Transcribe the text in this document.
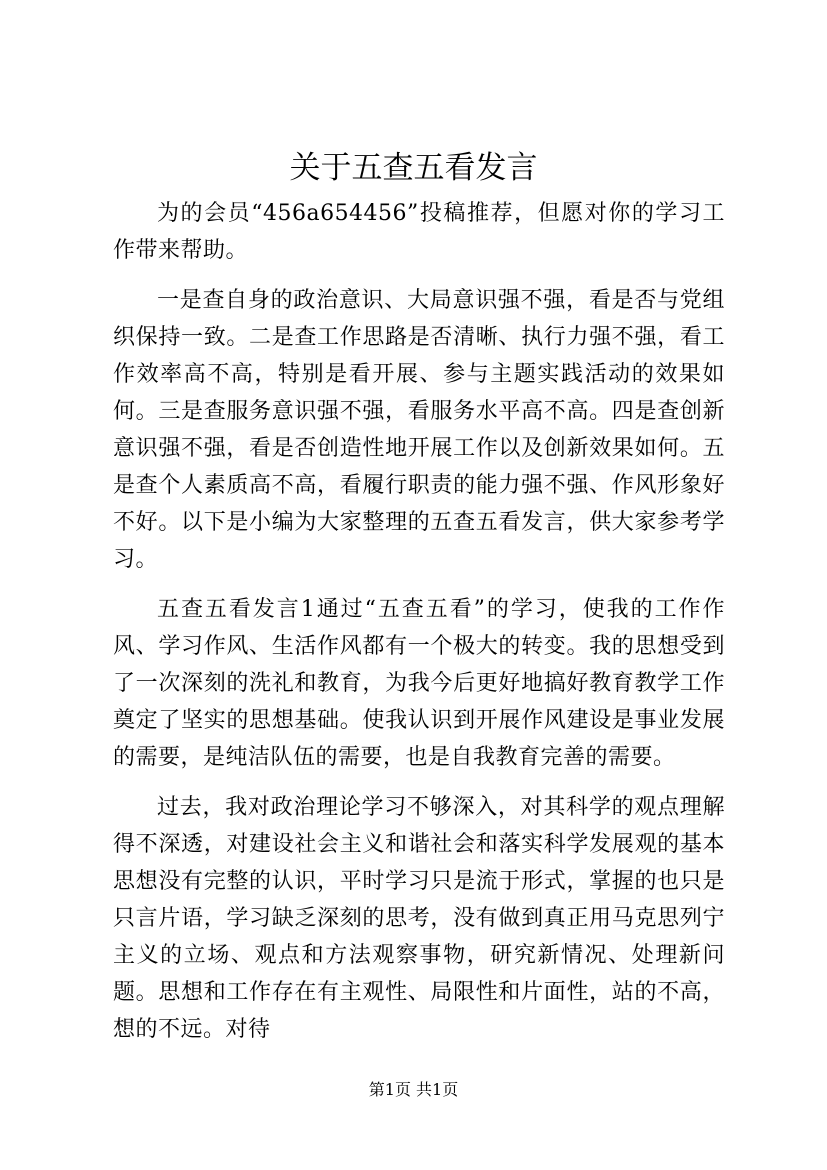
关于五查五看发言

为的会员“456a654456”投稿推荐，但愿对你的学习工作带来帮助。

一是查自身的政治意识、大局意识强不强，看是否与党组织保持一致。二是查工作思路是否清晰、执行力强不强，看工作效率高不高，特别是看开展、参与主题实践活动的效果如何。三是查服务意识强不强，看服务水平高不高。四是查创新意识强不强，看是否创造性地开展工作以及创新效果如何。五是查个人素质高不高，看履行职责的能力强不强、作风形象好不好。以下是小编为大家整理的五查五看发言，供大家参考学习。

五查五看发言1通过“五查五看”的学习，使我的工作作风、学习作风、生活作风都有一个极大的转变。我的思想受到了一次深刻的洗礼和教育，为我今后更好地搞好教育教学工作奠定了坚实的思想基础。使我认识到开展作风建设是事业发展的需要，是纯洁队伍的需要，也是自我教育完善的需要。

过去，我对政治理论学习不够深入，对其科学的观点理解得不深透，对建设社会主义和谐社会和落实科学发展观的基本思想没有完整的认识，平时学习只是流于形式，掌握的也只是只言片语，学习缺乏深刻的思考，没有做到真正用马克思列宁主义的立场、观点和方法观察事物，研究新情况、处理新问题。思想和工作存在有主观性、局限性和片面性，站的不高，想的不远。对待

第1页 共1页
